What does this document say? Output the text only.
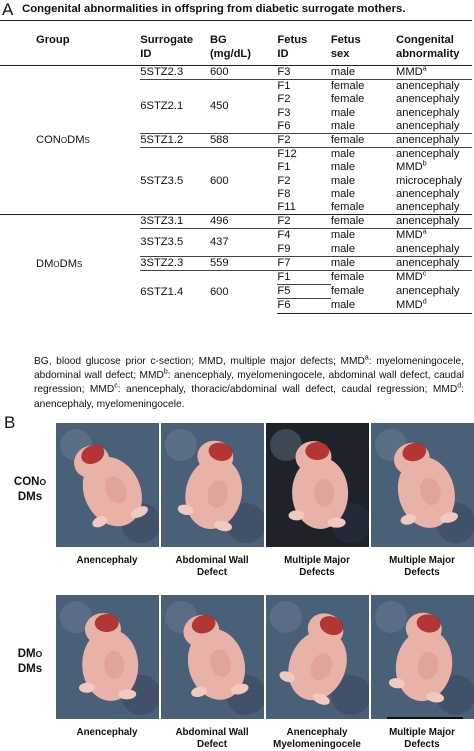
A Congenital abnormalities in offspring from diabetic surrogate mothers.
Group	Surrogate ID	BG (mg/dL)	Fetus ID	Fetus sex	Congenital abnormality

CONODMS	5STZ2.3	600	F3	male	MMD$^a$
	6STZ2.1	450	F1	female	anencephaly
			F2	female	anencephaly
			F3	male	anencephaly
			F6	male	anencephaly
	5STZ1.2	588	F2	female	anencephaly
	5STZ3.5	600	F12	male	anencephaly
			F1	male	MMD$^b$
			F2	male	microcephaly
			F8	male	anencephaly
			F11	female	anencephaly
DMODMS	3STZ3.1	496	F2	female	anencephaly
	3STZ3.5	437	F4	male	MMD$^a$
			F9	male	anencephaly
	3STZ2.3	559	F7	male	anencephaly
	6STZ1.4	600	F1	female	MMD$^c$
			F5	female	anencephaly
			F6	male	MMD$^d$
BG, blood glucose prior c-section; MMD, multiple major defects; MMD$^a$: myelomeningocele, abdominal wall defect; MMD$^b$: anencephaly, myelomeningocele, abdominal wall defect, caudal regression; MMD$^c$: anencephaly, thoracic/abdominal wall defect, caudal regression; MMD$^d$: anencephaly, myelomeningocele.
B
CONO
DMs
Anencephaly	Abdominal Wall
Defect
Multiple Major
Defects
Multiple Major
Defects
DMO
DMs
Anencephaly	Abdominal Wall
Defect
Anencephaly
Myelomeningocele
Multiple Major
Defects
